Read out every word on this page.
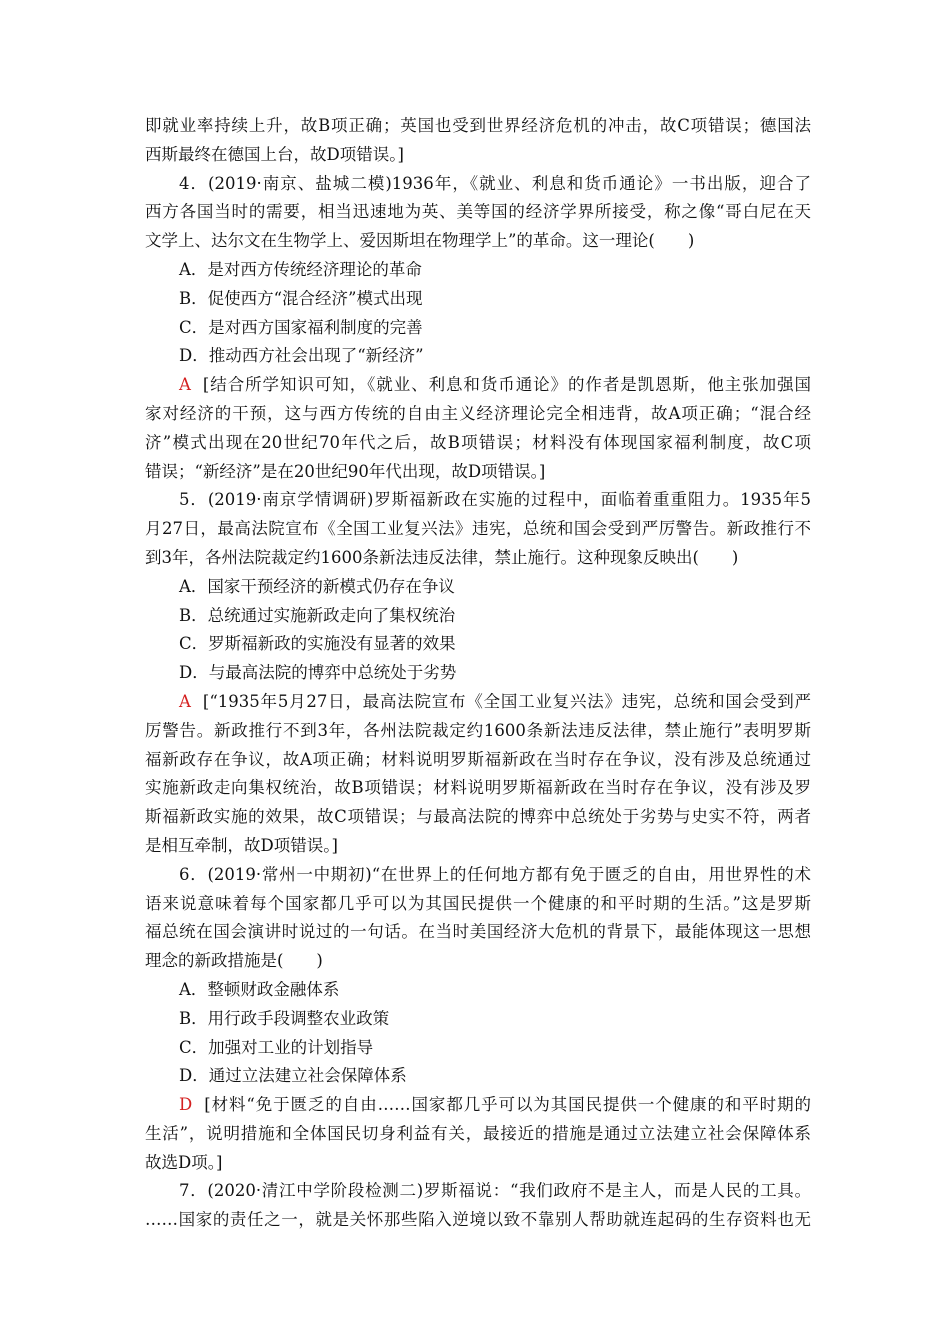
即就业率持续上升，故B项正确；英国也受到世界经济危机的冲击，故C项错误；德国法
西斯最终在德国上台，故D项错误。]
4．(2019·南京、盐城二模)1936年，《就业、利息和货币通论》一书出版，迎合了
西方各国当时的需要，相当迅速地为英、美等国的经济学界所接受，称之像“哥白尼在天
文学上、达尔文在生物学上、爱因斯坦在物理学上”的革命。这一理论(　　)
A．是对西方传统经济理论的革命
B．促使西方“混合经济”模式出现
C．是对西方国家福利制度的完善
D．推动西方社会出现了“新经济”
A [结合所学知识可知，《就业、利息和货币通论》的作者是凯恩斯，他主张加强国
家对经济的干预，这与西方传统的自由主义经济理论完全相违背，故A项正确；“混合经
济”模式出现在20世纪70年代之后，故B项错误；材料没有体现国家福利制度，故C项
错误；“新经济”是在20世纪90年代出现，故D项错误。]
5．(2019·南京学情调研)罗斯福新政在实施的过程中，面临着重重阻力。1935年5
月27日，最高法院宣布《全国工业复兴法》违宪，总统和国会受到严厉警告。新政推行不
到3年，各州法院裁定约1600条新法违反法律，禁止施行。这种现象反映出(　　)
A．国家干预经济的新模式仍存在争议
B．总统通过实施新政走向了集权统治
C．罗斯福新政的实施没有显著的效果
D．与最高法院的博弈中总统处于劣势
A [“1935年5月27日，最高法院宣布《全国工业复兴法》违宪，总统和国会受到严
厉警告。新政推行不到3年，各州法院裁定约1600条新法违反法律，禁止施行”表明罗斯
福新政存在争议，故A项正确；材料说明罗斯福新政在当时存在争议，没有涉及总统通过
实施新政走向集权统治，故B项错误；材料说明罗斯福新政在当时存在争议，没有涉及罗
斯福新政实施的效果，故C项错误；与最高法院的博弈中总统处于劣势与史实不符，两者
是相互牵制，故D项错误。]
6．(2019·常州一中期初)“在世界上的任何地方都有免于匮乏的自由，用世界性的术
语来说意味着每个国家都几乎可以为其国民提供一个健康的和平时期的生活。”这是罗斯
福总统在国会演讲时说过的一句话。在当时美国经济大危机的背景下，最能体现这一思想
理念的新政措施是(　　)
A．整顿财政金融体系
B．用行政手段调整农业政策
C．加强对工业的计划指导
D．通过立法建立社会保障体系
D [材料“免于匮乏的自由……国家都几乎可以为其国民提供一个健康的和平时期的
生活”，说明措施和全体国民切身利益有关，最接近的措施是通过立法建立社会保障体系
故选D项。]
7．(2020·清江中学阶段检测二)罗斯福说：“我们政府不是主人，而是人民的工具。
……国家的责任之一，就是关怀那些陷入逆境以致不靠别人帮助就连起码的生存资料也无
